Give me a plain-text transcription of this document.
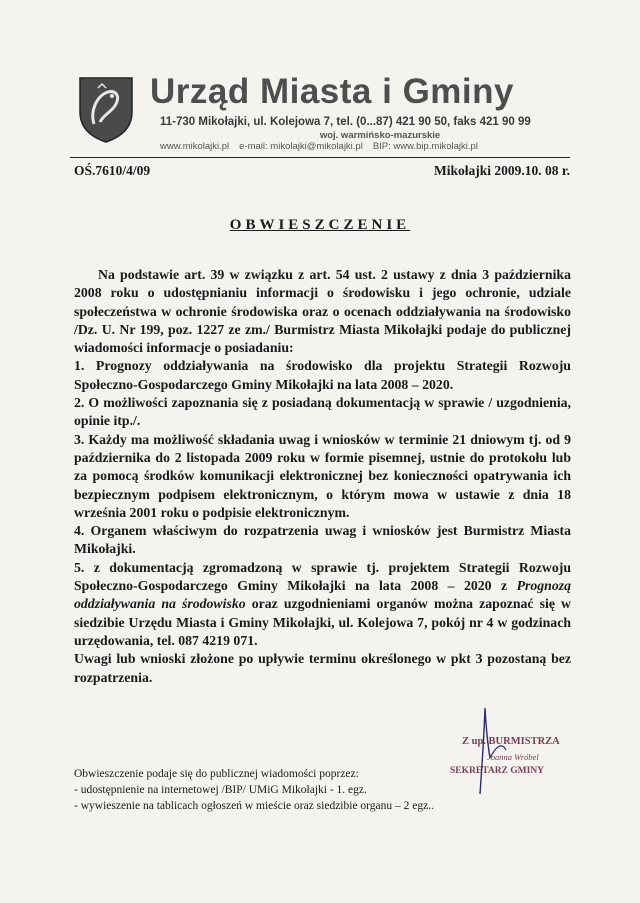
Urząd Miasta i Gminy
11-730 Mikołajki, ul. Kolejowa 7, tel. (0...87) 421 90 50, faks 421 90 99
woj. warmińsko-mazurskie
www.mikolajki.pl e-mail: mikolajki@mikolajki.pl BIP: www.bip.mikolajki.pl
OŚ.7610/4/09	Mikołajki 2009.10. 08 r.
OBWIESZCZENIE

Na podstawie art. 39 w związku z art. 54 ust. 2 ustawy z dnia 3 października 2008 roku o udostępnianiu informacji o środowisku i jego ochronie, udziale społeczeństwa w ochronie środowiska oraz o ocenach oddziaływania na środowisko /Dz. U. Nr 199, poz. 1227 ze zm./ Burmistrz Miasta Mikołajki podaje do publicznej wiadomości informacje o posiadaniu:

1. Prognozy oddziaływania na środowisko dla projektu Strategii Rozwoju Społeczno-Gospodarczego Gminy Mikołajki na lata 2008 – 2020.

2. O możliwości zapoznania się z posiadaną dokumentacją w sprawie / uzgodnienia, opinie itp./.

3. Każdy ma możliwość składania uwag i wniosków w terminie 21 dniowym tj. od 9 października do 2 listopada 2009 roku w formie pisemnej, ustnie do protokołu lub za pomocą środków komunikacji elektronicznej bez konieczności opatrywania ich bezpiecznym podpisem elektronicznym, o którym mowa w ustawie z dnia 18 września 2001 roku o podpisie elektronicznym.

4. Organem właściwym do rozpatrzenia uwag i wniosków jest Burmistrz Miasta Mikołajki.

5. z dokumentacją zgromadzoną w sprawie tj. projektem Strategii Rozwoju Społeczno-Gospodarczego Gminy Mikołajki na lata 2008 – 2020 z Prognozą oddziaływania na środowisko oraz uzgodnieniami organów można zapoznać się w siedzibie Urzędu Miasta i Gminy Mikołajki, ul. Kolejowa 7, pokój nr 4 w godzinach urzędowania, tel. 087 4219 071.

Uwagi lub wnioski złożone po upływie terminu określonego w pkt 3 pozostaną bez rozpatrzenia.

Z up. BURMISTRZA
Joanna Wróbel
SEKRETARZ GMINY
Obwieszczenie podaje się do publicznej wiadomości poprzez:
- udostępnienie na internetowej /BIP/ UMiG Mikołajki - 1. egz.
- wywieszenie na tablicach ogłoszeń w mieście oraz siedzibie organu – 2 egz..
